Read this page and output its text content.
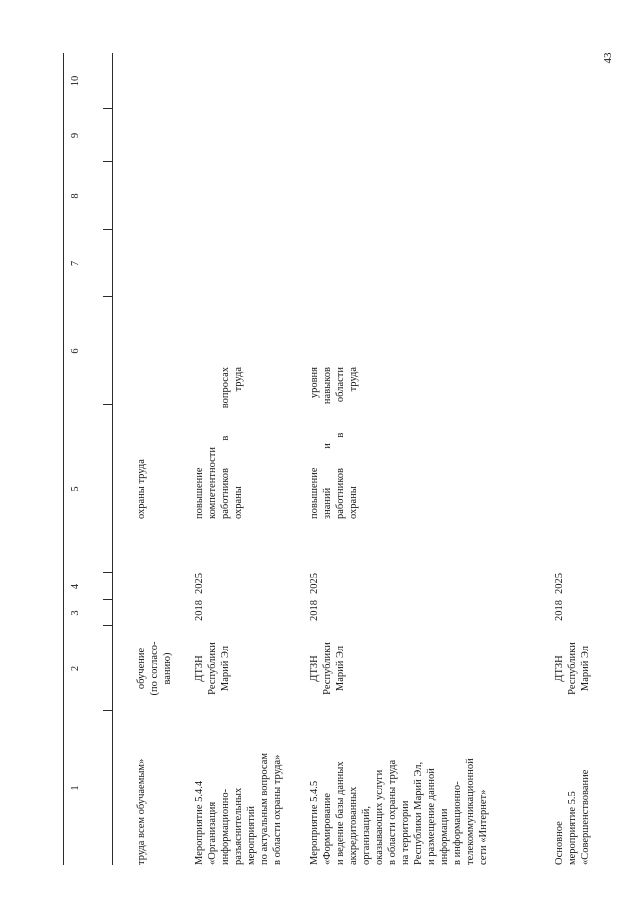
43
1
2
3
4
5
6
7
8
9
10
труда всем обучаемым»
обучение (по согласо- ванию)
охраны труда
Мероприятие 5.4.4 «Организация информационно- разъяснительных мероприятий по актуальным вопросам в области охраны труда»
ДТЗН Республики Марий Эл
2018
2025
повышение компетентности работников
в
вопросах
охраны
труда
Мероприятие 5.4.5 «Формирование и ведение базы данных аккредитованных организаций, оказывающих услуги в области охраны труда на территории Республики Марий Эл, и размещение данной информации в информационно- телекоммуникационной сети «Интернет»
ДТЗН Республики Марий Эл
2018
2025
повышение
уровня
знаний
и
навыков
работников
в
области
охраны
труда
Основное мероприятие 5.5 «Совершенствование
ДТЗН Республики Марий Эл
2018
2025
